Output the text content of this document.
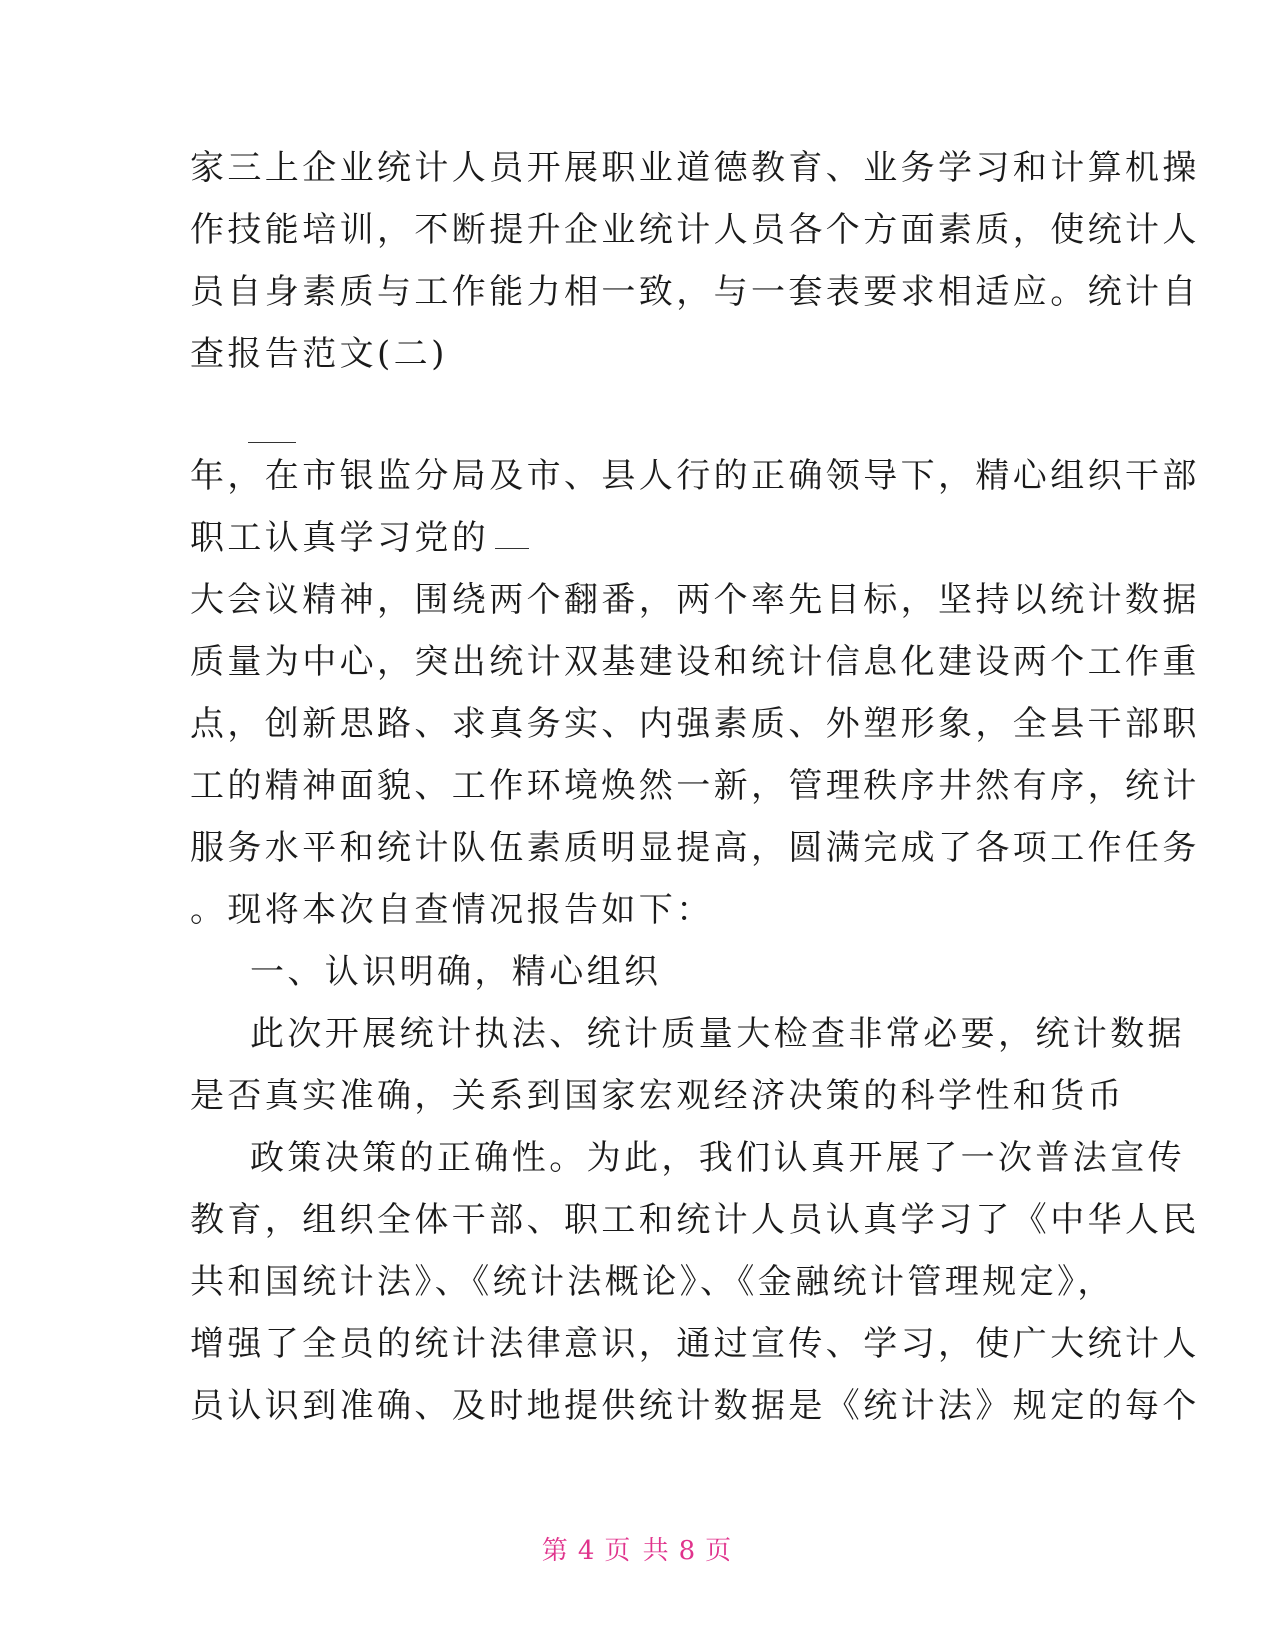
家三上企业统计人员开展职业道德教育、业务学习和计算机操
作技能培训，不断提升企业统计人员各个方面素质，使统计人
员自身素质与工作能力相一致，与一套表要求相适应。统计自
查报告范文(二)
年，在市银监分局及市、县人行的正确领导下，精心组织干部
职工认真学习党的
大会议精神，围绕两个翻番，两个率先目标，坚持以统计数据
质量为中心，突出统计双基建设和统计信息化建设两个工作重
点，创新思路、求真务实、内强素质、外塑形象，全县干部职
工的精神面貌、工作环境焕然一新，管理秩序井然有序，统计
服务水平和统计队伍素质明显提高，圆满完成了各项工作任务
。现将本次自查情况报告如下：
一、认识明确，精心组织
此次开展统计执法、统计质量大检查非常必要，统计数据
是否真实准确，关系到国家宏观经济决策的科学性和货币
政策决策的正确性。为此，我们认真开展了一次普法宣传
教育，组织全体干部、职工和统计人员认真学习了《中华人民
共和国统计法》、《统计法概论》、《金融统计管理规定》，
增强了全员的统计法律意识，通过宣传、学习，使广大统计人
员认识到准确、及时地提供统计数据是《统计法》规定的每个
第 4 页 共 8 页
